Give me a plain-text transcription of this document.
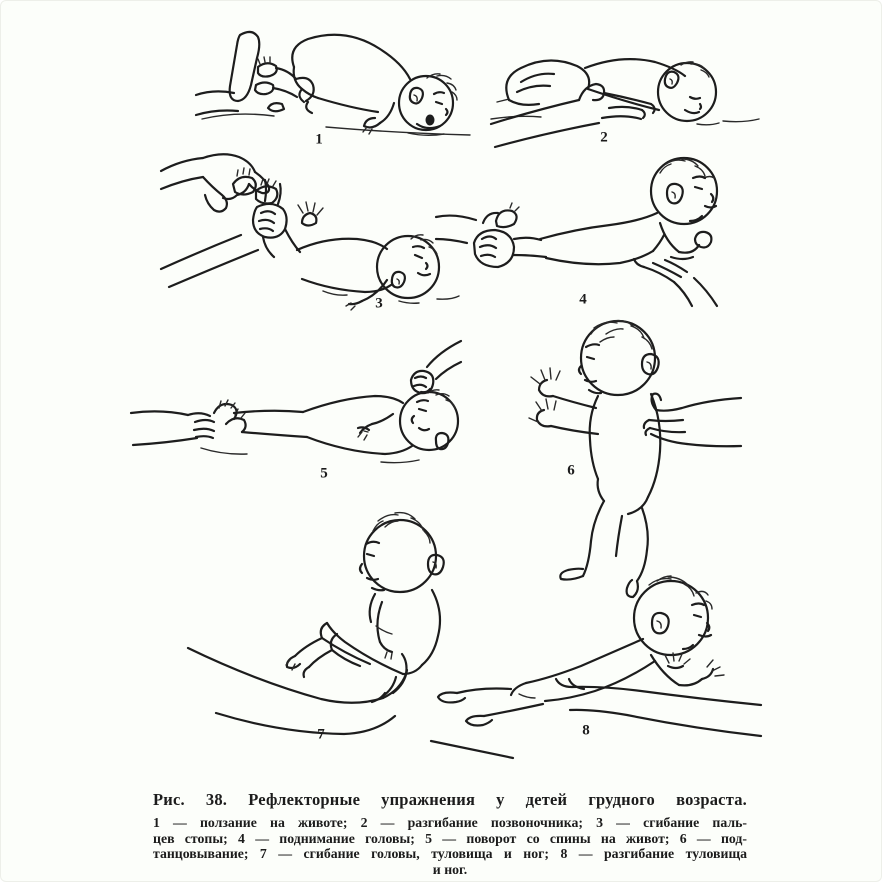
1	2
3	4
5	6
7	8
Рис. 38. Рефлекторные упражнения у детей грудного возраста.
1 — ползание на животе; 2 — разгибание позвоночника; 3 — сгибание паль-
цев стопы; 4 — поднимание головы; 5 — поворот со спины на живот; 6 — под-
танцовывание; 7 — сгибание головы, туловища и ног; 8 — разгибание туловища
и ног.
